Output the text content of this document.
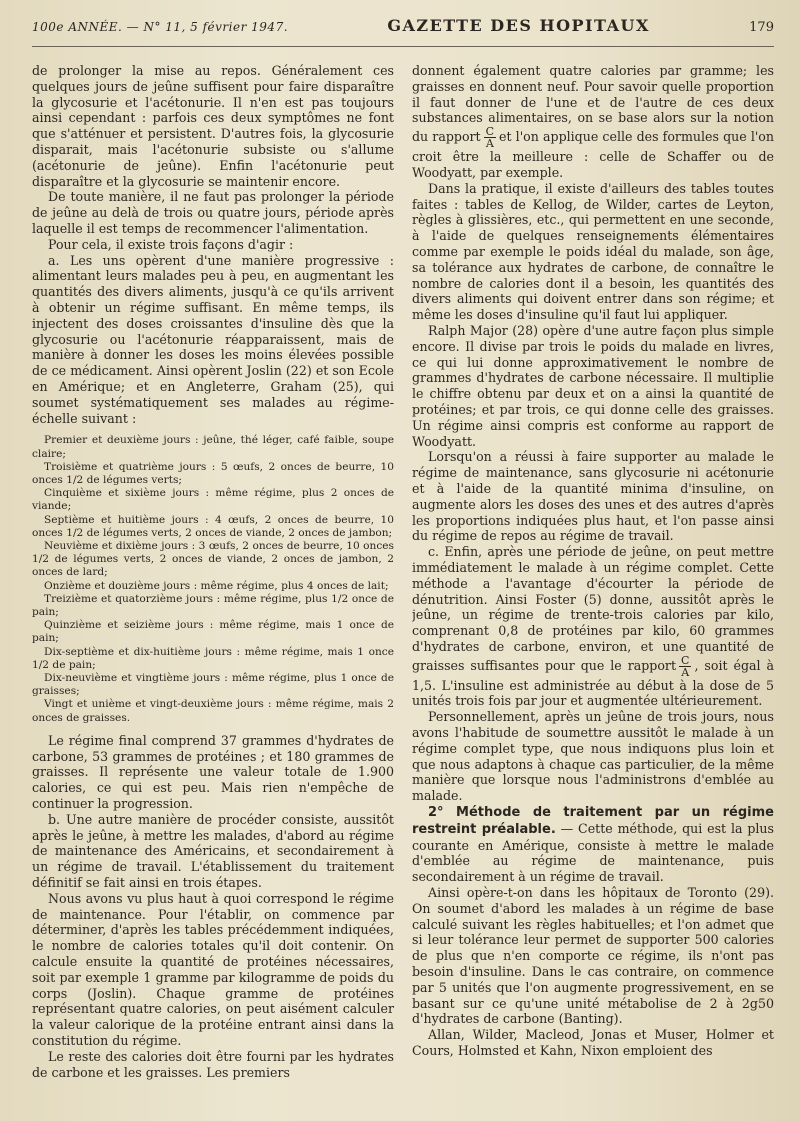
100e ANNÉE. — N° 11, 5 février 1947.	GAZETTE DES HOPITAUX	179

de prolonger la mise au repos. Généralement ces quelques jours de jeûne suffisent pour faire disparaître la glycosurie et l'acétonurie. Il n'en est pas toujours ainsi cependant : parfois ces deux symptômes ne font que s'atténuer et persistent. D'autres fois, la glycosurie disparait, mais l'acétonurie subsiste ou s'allume (acétonurie de jeûne). Enfin l'acétonurie peut disparaître et la glycosurie se maintenir encore.

De toute manière, il ne faut pas prolonger la période de jeûne au delà de trois ou quatre jours, période après laquelle il est temps de recommencer l'alimentation.

Pour cela, il existe trois façons d'agir :

a. Les uns opèrent d'une manière progressive : alimentant leurs malades peu à peu, en augmentant les quantités des divers aliments, jusqu'à ce qu'ils arrivent à obtenir un régime suffisant. En même temps, ils injectent des doses croissantes d'insuline dès que la glycosurie ou l'acétonurie réapparaissent, mais de manière à donner les doses les moins élevées possible de ce médicament. Ainsi opèrent Joslin (22) et son Ecole en Amérique; et en Angleterre, Graham (25), qui soumet systématiquement ses malades au régime-échelle suivant :

Premier et deuxième jours : jeûne, thé léger, café faible, soupe claire;

Troisième et quatrième jours : 5 œufs, 2 onces de beurre, 10 onces 1/2 de légumes verts;

Cinquième et sixième jours : même régime, plus 2 onces de viande;

Septième et huitième jours : 4 œufs, 2 onces de beurre, 10 onces 1/2 de légumes verts, 2 onces de viande, 2 onces de jambon;

Neuvième et dixième jours : 3 œufs, 2 onces de beurre, 10 onces 1/2 de légumes verts, 2 onces de viande, 2 onces de jambon, 2 onces de lard;

Onzième et douzième jours : même régime, plus 4 onces de lait;

Treizième et quatorzième jours : même régime, plus 1/2 once de pain;

Quinzième et seizième jours : même régime, mais 1 once de pain;

Dix-septième et dix-huitième jours : même régime, mais 1 once 1/2 de pain;

Dix-neuvième et vingtième jours : même régime, plus 1 once de graisses;

Vingt et unième et vingt-deuxième jours : même régime, mais 2 onces de graisses.

Le régime final comprend 37 grammes d'hydrates de carbone, 53 grammes de protéines ; et 180 grammes de graisses. Il représente une valeur totale de 1.900 calories, ce qui est peu. Mais rien n'empêche de continuer la progression.

b. Une autre manière de procéder consiste, aussitôt après le jeûne, à mettre les malades, d'abord au régime de maintenance des Américains, et secondairement à un régime de travail. L'établissement du traitement définitif se fait ainsi en trois étapes.

Nous avons vu plus haut à quoi correspond le régime de maintenance. Pour l'établir, on commence par déterminer, d'après les tables précédemment indiquées, le nombre de calories totales qu'il doit contenir. On calcule ensuite la quantité de protéines nécessaires, soit par exemple 1 gramme par kilogramme de poids du corps (Joslin). Chaque gramme de protéines représentant quatre calories, on peut aisément calculer la valeur calorique de la protéine entrant ainsi dans la constitution du régime.

Le reste des calories doit être fourni par les hydrates de carbone et les graisses. Les premiers

donnent également quatre calories par gramme; les graisses en donnent neuf. Pour savoir quelle proportion il faut donner de l'une et de l'autre de ces deux substances alimentaires, on se base alors sur la notion du rapport $\frac{C}{A}$ et l'on applique celle des formules que l'on croit être la meilleure : celle de Schaffer ou de Woodyatt, par exemple.

Dans la pratique, il existe d'ailleurs des tables toutes faites : tables de Kellog, de Wilder, cartes de Leyton, règles à glissières, etc., qui permettent en une seconde, à l'aide de quelques renseignements élémentaires comme par exemple le poids idéal du malade, son âge, sa tolérance aux hydrates de carbone, de connaître le nombre de calories dont il a besoin, les quantités des divers aliments qui doivent entrer dans son régime; et même les doses d'insuline qu'il faut lui appliquer.

Ralph Major (28) opère d'une autre façon plus simple encore. Il divise par trois le poids du malade en livres, ce qui lui donne approximativement le nombre de grammes d'hydrates de carbone nécessaire. Il multiplie le chiffre obtenu par deux et on a ainsi la quantité de protéines; et par trois, ce qui donne celle des graisses. Un régime ainsi compris est conforme au rapport de Woodyatt.

Lorsqu'on a réussi à faire supporter au malade le régime de maintenance, sans glycosurie ni acétonurie et à l'aide de la quantité minima d'insuline, on augmente alors les doses des unes et des autres d'après les proportions indiquées plus haut, et l'on passe ainsi du régime de repos au régime de travail.

c. Enfin, après une période de jeûne, on peut mettre immédiatement le malade à un régime complet. Cette méthode a l'avantage d'écourter la période de dénutrition. Ainsi Foster (5) donne, aussitôt après le jeûne, un régime de trente-trois calories par kilo, comprenant 0,8 de protéines par kilo, 60 grammes d'hydrates de carbone, environ, et une quantité de graisses suffisantes pour que le rapport $\frac{C}{A}$ , soit égal à 1,5. L'insuline est administrée au début à la dose de 5 unités trois fois par jour et augmentée ultérieurement.

Personnellement, après un jeûne de trois jours, nous avons l'habitude de soumettre aussitôt le malade à un régime complet type, que nous indiquons plus loin et que nous adaptons à chaque cas particulier, de la même manière que lorsque nous l'administrons d'emblée au malade.

2° Méthode de traitement par un régime restreint préalable. — Cette méthode, qui est la plus courante en Amérique, consiste à mettre le malade d'emblée au régime de maintenance, puis secondairement à un régime de travail.

Ainsi opère-t-on dans les hôpitaux de Toronto (29). On soumet d'abord les malades à un régime de base calculé suivant les règles habituelles; et l'on admet que si leur tolérance leur permet de supporter 500 calories de plus que n'en comporte ce régime, ils n'ont pas besoin d'insuline. Dans le cas contraire, on commence par 5 unités que l'on augmente progressivement, en se basant sur ce qu'une unité métabolise de 2 à 2g50 d'hydrates de carbone (Banting).

Allan, Wilder, Macleod, Jonas et Muser, Holmer et Cours, Holmsted et Kahn, Nixon emploient des
